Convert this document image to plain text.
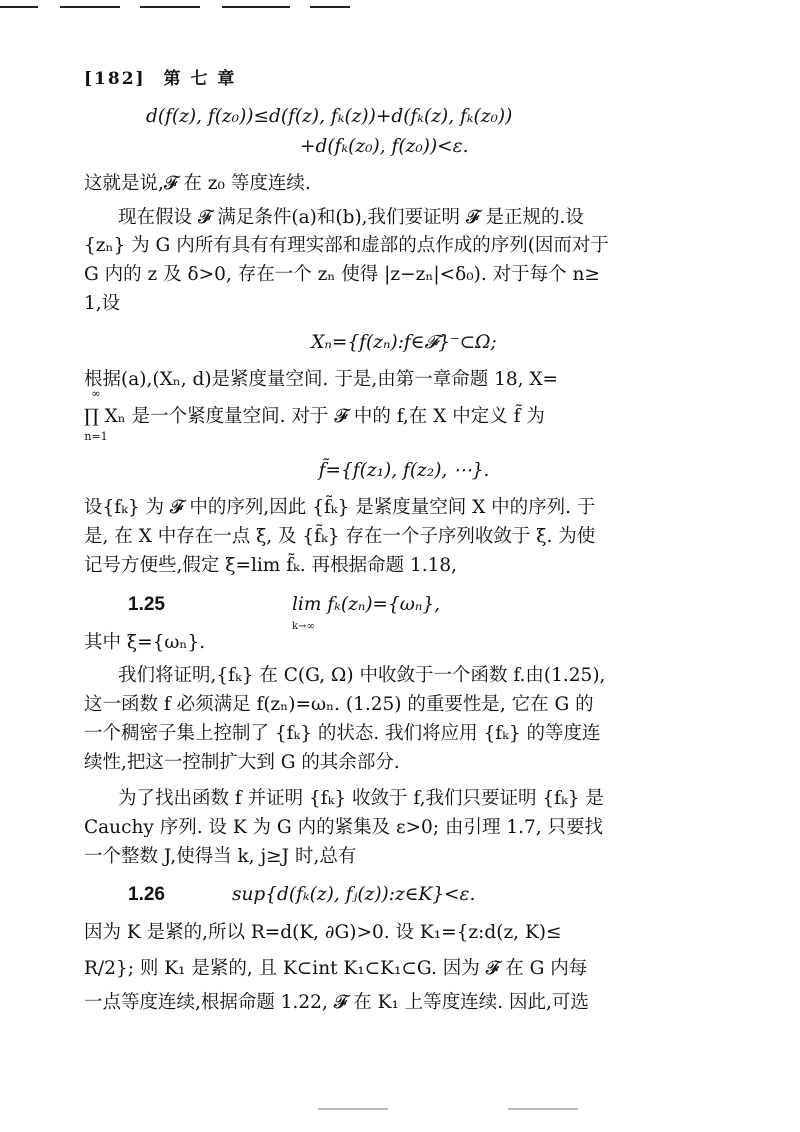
[182] 第 七 章
d(f(z), f(z₀))≤d(f(z), fₖ(z))+d(fₖ(z), fₖ(z₀))
+d(fₖ(z₀), f(z₀))<ε.
这就是说,𝓕 在 z₀ 等度连续.
现在假设 𝓕 满足条件(a)和(b),我们要证明 𝓕 是正规的.设
{zₙ} 为 G 内所有具有有理实部和虚部的点作成的序列(因而对于
G 内的 z 及 δ>0, 存在一个 zₙ 使得 |z−zₙ|<δ₀). 对于每个 n≥
1,设
Xₙ={f(zₙ):f∈𝓕}⁻⊂Ω;
根据(a),(Xₙ, d)是紧度量空间. 于是,由第一章命题 18, X=
∞
n=1
∏ Xₙ 是一个紧度量空间. 对于 𝓕 中的 f,在 X 中定义 f̃ 为
f̃={f(z₁), f(z₂), ⋯}.
设{fₖ} 为 𝓕 中的序列,因此 {f̃ₖ} 是紧度量空间 X 中的序列. 于
是, 在 X 中存在一点 ξ, 及 {f̃ₖ} 存在一个子序列收敛于 ξ. 为使
记号方便些,假定 ξ=lim f̃ₖ. 再根据命题 1.18,
1.25	lim fₖ(zₙ)={ωₙ},
k→∞
其中 ξ={ωₙ}.
我们将证明,{fₖ} 在 C(G, Ω) 中收敛于一个函数 f.由(1.25),
这一函数 f 必须满足 f(zₙ)=ωₙ. (1.25) 的重要性是, 它在 G 的
一个稠密子集上控制了 {fₖ} 的状态. 我们将应用 {fₖ} 的等度连
续性,把这一控制扩大到 G 的其余部分.
为了找出函数 f 并证明 {fₖ} 收敛于 f,我们只要证明 {fₖ} 是
Cauchy 序列. 设 K 为 G 内的紧集及 ε>0; 由引理 1.7, 只要找
一个整数 J,使得当 k, j≥J 时,总有
1.26	sup{d(fₖ(z), fⱼ(z)):z∈K}<ε.
因为 K 是紧的,所以 R=d(K, ∂G)>0. 设 K₁={z:d(z, K)≤
R/2}; 则 K₁ 是紧的, 且 K⊂int K₁⊂K₁⊂G. 因为 𝓕 在 G 内每
一点等度连续,根据命题 1.22, 𝓕 在 K₁ 上等度连续. 因此,可选
